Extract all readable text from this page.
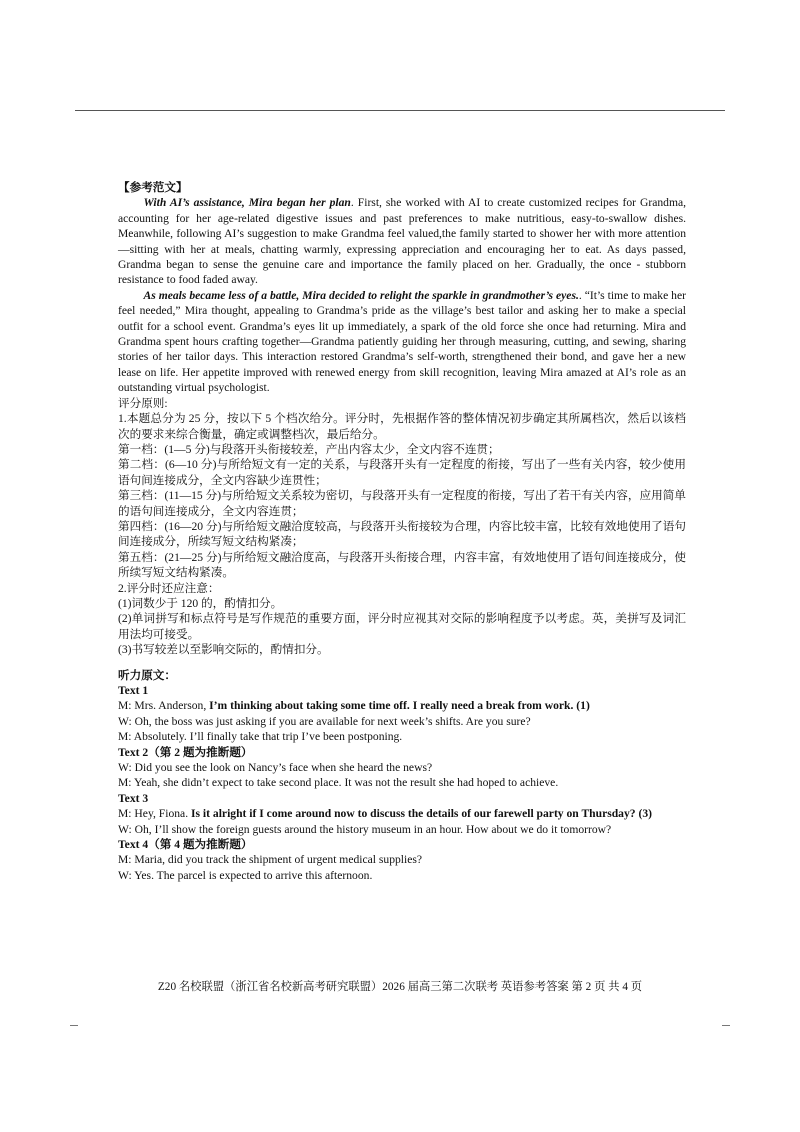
【参考范文】

With AI’s assistance, Mira began her plan. First, she worked with AI to create customized recipes for Grandma, accounting for her age-related digestive issues and past preferences to make nutritious, easy-to-swallow dishes. Meanwhile, following AI’s suggestion to make Grandma feel valued,the family started to shower her with more attention—sitting with her at meals, chatting warmly, expressing appreciation and encouraging her to eat. As days passed, Grandma began to sense the genuine care and importance the family placed on her. Gradually, the once - stubborn resistance to food faded away.

As meals became less of a battle, Mira decided to relight the sparkle in grandmother’s eyes.. “It’s time to make her feel needed,” Mira thought, appealing to Grandma’s pride as the village’s best tailor and asking her to make a special outfit for a school event. Grandma’s eyes lit up immediately, a spark of the old force she once had returning. Mira and Grandma spent hours crafting together—Grandma patiently guiding her through measuring, cutting, and sewing, sharing stories of her tailor days. This interaction restored Grandma’s self-worth, strengthened their bond, and gave her a new lease on life. Her appetite improved with renewed energy from skill recognition, leaving Mira amazed at AI’s role as an outstanding virtual psychologist.

评分原则:

1.本题总分为 25 分，按以下 5 个档次给分。评分时，先根据作答的整体情况初步确定其所属档次，然后以该档次的要求来综合衡量，确定或调整档次，最后给分。

第一档：(1—5 分)与段落开头衔接较差，产出内容太少，全文内容不连贯；

第二档：(6—10 分)与所给短文有一定的关系，与段落开头有一定程度的衔接，写出了一些有关内容，较少使用语句间连接成分，全文内容缺少连贯性；

第三档：(11—15 分)与所给短文关系较为密切，与段落开头有一定程度的衔接，写出了若干有关内容，应用简单的语句间连接成分，全文内容连贯；

第四档：(16—20 分)与所给短文融洽度较高，与段落开头衔接较为合理，内容比较丰富，比较有效地使用了语句间连接成分，所续写短文结构紧凑；

第五档：(21—25 分)与所给短文融洽度高，与段落开头衔接合理，内容丰富，有效地使用了语句间连接成分，使所续写短文结构紧凑。

2.评分时还应注意：

(1)词数少于 120 的，酌情扣分。

(2)单词拼写和标点符号是写作规范的重要方面，评分时应视其对交际的影响程度予以考虑。英，美拼写及词汇用法均可接受。

(3)书写较差以至影响交际的，酌情扣分。

听力原文：

Text 1

M: Mrs. Anderson, I’m thinking about taking some time off. I really need a break from work. (1)

W: Oh, the boss was just asking if you are available for next week’s shifts. Are you sure?

M: Absolutely. I’ll finally take that trip I’ve been postponing.

Text 2（第 2 题为推断题）

W: Did you see the look on Nancy’s face when she heard the news?

M: Yeah, she didn’t expect to take second place. It was not the result she had hoped to achieve.

Text 3

M: Hey, Fiona. Is it alright if I come around now to discuss the details of our farewell party on Thursday? (3)

W: Oh, I’ll show the foreign guests around the history museum in an hour. How about we do it tomorrow?

Text 4（第 4 题为推断题）

M: Maria, did you track the shipment of urgent medical supplies?

W: Yes. The parcel is expected to arrive this afternoon.

Z20 名校联盟（浙江省名校新高考研究联盟）2026 届高三第二次联考 英语参考答案 第 2 页 共 4 页
